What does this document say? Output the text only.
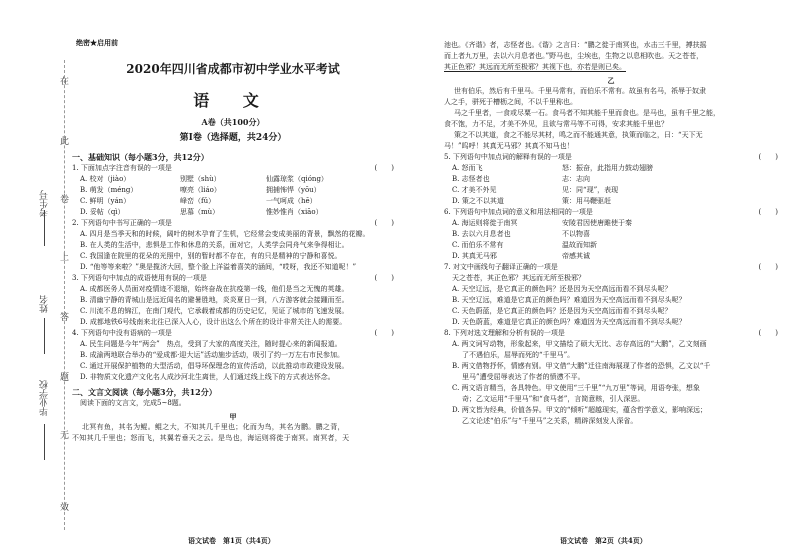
在
此
卷
上
答
题
无
效
考生号
姓名
毕业学校
绝密★启用前
2020年四川省成都市初中学业水平考试
语 文
A卷（共100分）
第Ⅰ卷（选择题，共24分）
一、基础知识（每小题3分，共12分）
1. 下面加点字注音有误的一项是	(　　)
A. 校对（jiào）	别墅（shù）	仙露琼浆（qióng）
B. 萌发（méng）	嘹亮（liáo）	拥捕怖悍（yōu）
C. 鲜明（yán）	峰峦（fǔ）	一气呵成（hē）
D. 妥帖（qì）	思慕（mù）	惟妙惟肖（xiāo）
2. 下列语句中书写正确的一项是	(　　)
A. 四月是当季天和的时候，阔叶的树木孕育了生机，它经常会变成美丽的背景，飘然的花瓣。
B. 在人类的生活中，悲惧是工作和休息的关系，面对它，人类学会同舟气来争得相让。
C. 我国逢在院里的花朵的光照中，别的暂时都不存在，有的只是精神的宁静和喜悦。
D. “他等等来啦？”奥是揽济大回，整个脸上洋溢着喜笑的涵间，“哎呀，我还不知道呢！”
3. 下列语句中加点的成语使用有误的一项是	(　　)
A. 成都医务人员面对疫情迹不退缩，始终奋战在抗疫第一线，他们是当之无愧的英雄。
B. 清幽宁静的青城山是远近闻名的避暑胜地，炎炎夏日一到，八方游客就会接踵而至。
C. 川流不息的锦江，在南门观代，它承载着成都的历史记忆，见证了城市的飞速发展。
D. 成都地铁6号线南来北往已深入人心，设计出这么个所在的设计非常关注人的需要。
4. 下列语句中没有语病的一项是	(　　)
A. 民生问题是今年“两会”　热点，受到了大家的高度关注，随时提心来的新闻报道。
B. 成渝两地联合举办的“爱成都·迎大运”活动施步活动，吸引了约一万左右市民参加。
C. 通过开展保护植物的大型活动，倡导环保理念的宣传活动，以此推动市政建设发展。
D. 非物质文化遗产文化名人成沙河北生离世，人们通过线上线下的方式表达怀念。
二、文言文阅读（每小题3分，共12分）
阅读下面的文言文，完成5~8题。
甲
北冥有鱼，其名为鲲。鲲之大，不知其几千里也；化而为鸟，其名为鹏。鹏之背，
不知其几千里也；怒而飞，其翼若垂天之云。是鸟也，海运则将徙于南冥。南冥者，天
语文试卷　第1页（共4页）
池也。《齐谐》者，志怪者也。《谐》之言曰：“鹏之徙于南冥也，水击三千里，搏扶摇
而上者九万里，去以六月息者也。”野马也，尘埃也，生物之以息相吹也。天之苍苍，
其正色邪？其远而无所至极邪？其视下也，亦若是则已矣。
乙
世有伯乐，然后有千里马。千里马常有，而伯乐不常有。故虽有名马，祇辱于奴隶
人之手，骈死于槽枥之间，不以千里称也。
马之千里者，一食或尽粟一石。食马者不知其能千里而食也。是马也，虽有千里之能，
食不饱，力不足，才美不外见，且欲与常马等不可得，安求其能千里也？
策之不以其道，食之不能尽其材，鸣之而不能通其意，执策而临之，曰：“天下无
马！”呜呼！其真无马邪？其真不知马也！
5. 下列语句中加点词的解释有误的一项是	(　　)
A. 怒而飞	怒：振奋，此指用力鼓动翅膀
B. 志怪者也	志：志向
C. 才美不外见	见：同“现”，表现
D. 策之不以其道	策：用马鞭驱赶
6. 下列语句中加点词的意义和用法相同的一项是	(　　)
A. 海运则将徙于南冥	安陵君因使唐雎使于秦
B. 去以六月息者也	不以物喜
C. 而伯乐不常有	温故而知新
D. 其真无马邪	帝感其诚
7. 对文中画线句子翻译正确的一项是	(　　)
天之苍苍，其正色邪？其远而无所至极邪？
A. 天空辽远，是它真正的颜色吗？还是因为天空高远而看不到尽头呢？
B. 天空辽远，难道是它真正的颜色吗？难道因为天空高远而看不到尽头呢？
C. 天色蔚蓝，是它真正的颜色吗？还是因为天空高远而看不到尽头呢？
D. 天色蔚蓝，难道是它真正的颜色吗？难道因为天空高远而看不到尽头呢？
8. 下列对选文理解和分析有误的一项是	(　　)
A. 两文词写动物，形象起来，甲文描绘了硕大无比、志存高远的“大鹏”，乙文刻画
了不遇伯乐，屈辱而死的“千里马”。
B. 两文借物抒怀，情感有别。甲文借“大鹏”迁往南海展现了作者的恐惧，乙文以“千
里马”遭受屈辱表达了作者的愤懑不平。
C. 两文语言精当，各具特色。甲文使用“三千里”“九万里”等词，用语夸张，想象
奇；乙文运用“千里马”和“食马者”，言简意赅，引人深思。
D. 两文皆为经典，价值各异。甲文的“倾听”超越现实，蕴含哲学意义，影响深远；
乙文论述“伯乐”与“千里马”之关系，精辟深刻发人深省。
语文试卷　第2页（共4页）
